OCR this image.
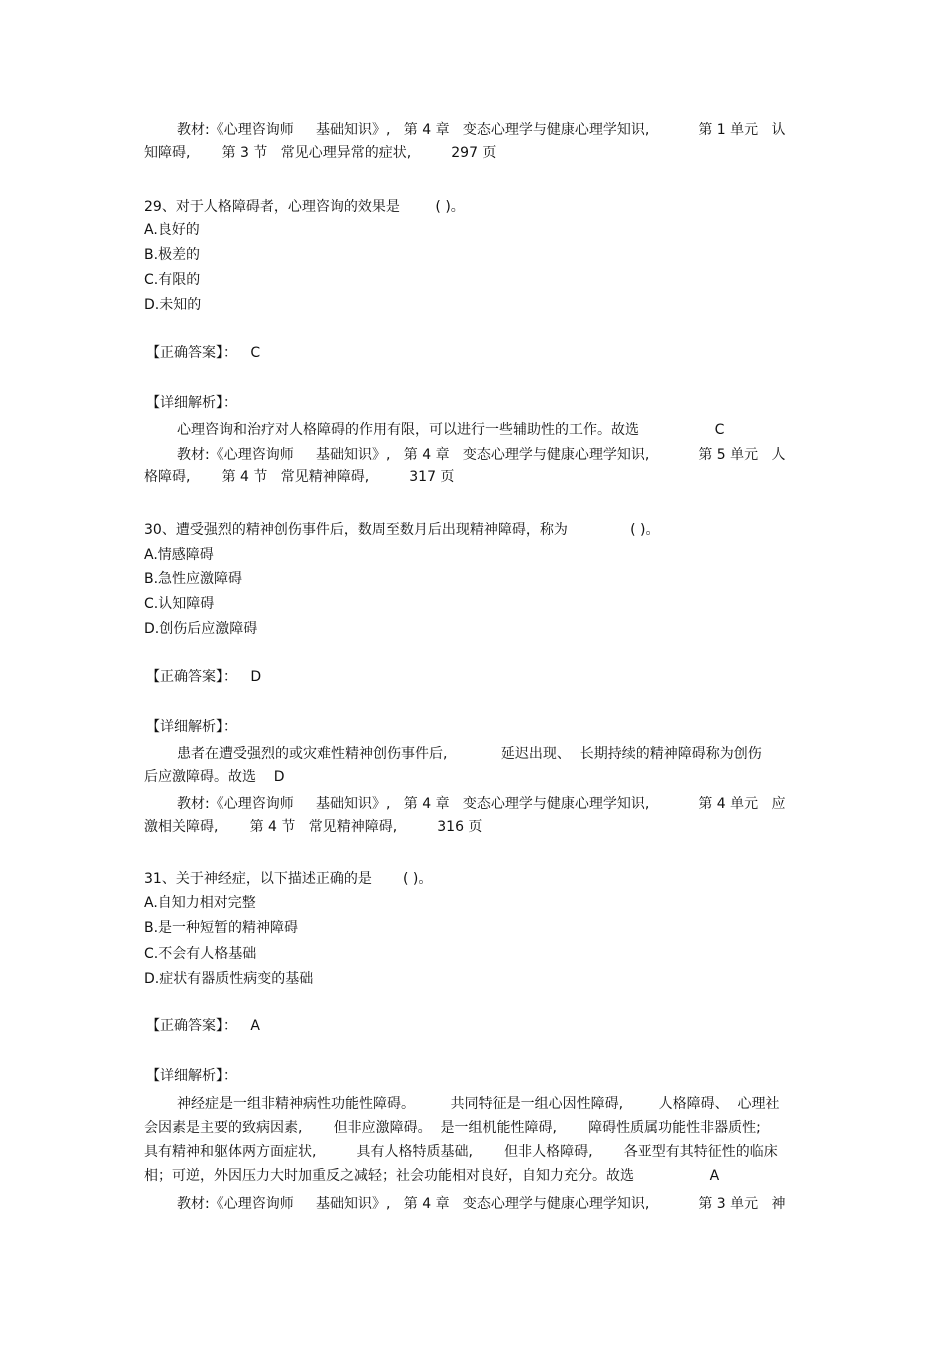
教材:《心理咨询师     基础知识》,   第 4 章   变态心理学与健康心理学知识,           第 1 单元   认
知障碍,       第 3 节   常见心理异常的症状,         297 页
29、对于人格障碍者，心理咨询的效果是        ( )。
A.良好的
B.极差的
C.有限的
D.未知的
【正确答案】：   C
【详细解析】：
心理咨询和治疗对人格障碍的作用有限，可以进行一些辅助性的工作。故选                 C
教材:《心理咨询师     基础知识》,   第 4 章   变态心理学与健康心理学知识,           第 5 单元   人
格障碍,       第 4 节   常见精神障碍,         317 页
30、遭受强烈的精神创伤事件后，数周至数月后出现精神障碍，称为              ( )。
A.情感障碍
B.急性应激障碍
C.认知障碍
D.创伤后应激障碍
【正确答案】：   D
【详细解析】：
患者在遭受强烈的或灾难性精神创伤事件后,            延迟出现、  长期持续的精神障碍称为创伤
后应激障碍。故选    D
教材:《心理咨询师     基础知识》,   第 4 章   变态心理学与健康心理学知识,           第 4 单元   应
激相关障碍,       第 4 节   常见精神障碍,         316 页
31、关于神经症，以下描述正确的是       ( )。
A.自知力相对完整
B.是一种短暂的精神障碍
C.不会有人格基础
D.症状有器质性病变的基础
【正确答案】：   A
【详细解析】：
神经症是一组非精神病性功能性障碍。        共同特征是一组心因性障碍,        人格障碍、  心理社
会因素是主要的致病因素,       但非应激障碍。  是一组机能性障碍,       障碍性质属功能性非器质性;
具有精神和躯体两方面症状,         具有人格特质基础,       但非人格障碍,       各亚型有其特征性的临床
相；可逆，外因压力大时加重反之减轻；社会功能相对良好，自知力充分。故选                 A
教材:《心理咨询师     基础知识》,   第 4 章   变态心理学与健康心理学知识,           第 3 单元   神
